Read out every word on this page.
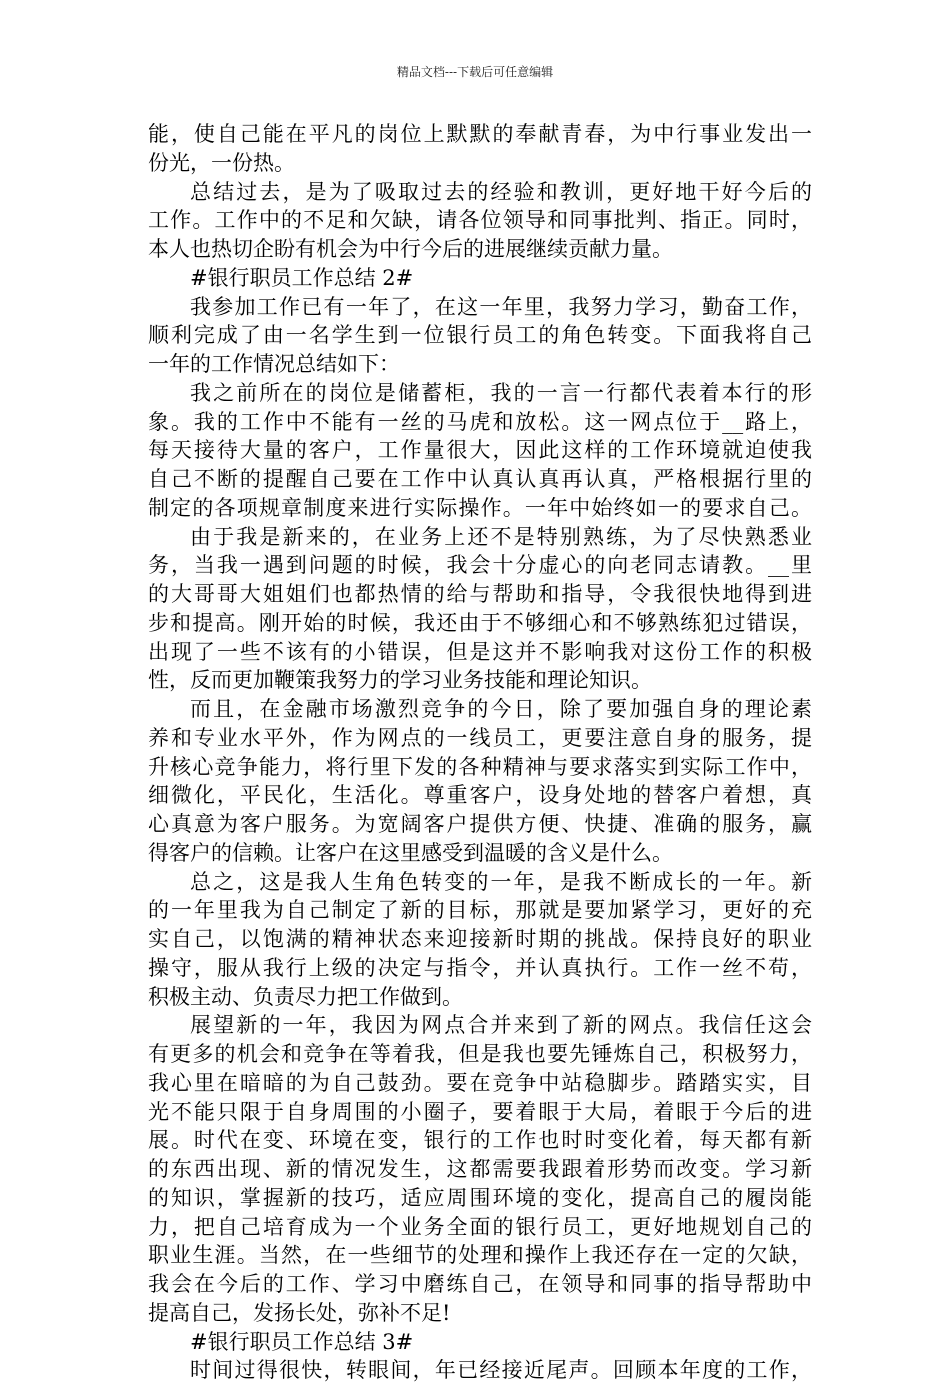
精品文档---下载后可任意编辑
能，使自己能在平凡的岗位上默默的奉献青春，为中行事业发出一
份光，一份热。
总结过去，是为了吸取过去的经验和教训，更好地干好今后的
工作。工作中的不足和欠缺，请各位领导和同事批判、指正。同时，
本人也热切企盼有机会为中行今后的进展继续贡献力量。
#银行职员工作总结 2#
我参加工作已有一年了，在这一年里，我努力学习，勤奋工作，
顺利完成了由一名学生到一位银行员工的角色转变。下面我将自己
一年的工作情况总结如下：
我之前所在的岗位是储蓄柜，我的一言一行都代表着本行的形
象。我的工作中不能有一丝的马虎和放松。这一网点位于__路上，
每天接待大量的客户，工作量很大，因此这样的工作环境就迫使我
自己不断的提醒自己要在工作中认真认真再认真，严格根据行里的
制定的各项规章制度来进行实际操作。一年中始终如一的要求自己。
由于我是新来的，在业务上还不是特别熟练，为了尽快熟悉业
务，当我一遇到问题的时候，我会十分虚心的向老同志请教。__里
的大哥哥大姐姐们也都热情的给与帮助和指导，令我很快地得到进
步和提高。刚开始的时候，我还由于不够细心和不够熟练犯过错误，
出现了一些不该有的小错误，但是这并不影响我对这份工作的积极
性，反而更加鞭策我努力的学习业务技能和理论知识。
而且，在金融市场激烈竞争的今日，除了要加强自身的理论素
养和专业水平外，作为网点的一线员工，更要注意自身的服务，提
升核心竞争能力，将行里下发的各种精神与要求落实到实际工作中，
细微化，平民化，生活化。尊重客户，设身处地的替客户着想，真
心真意为客户服务。为宽阔客户提供方便、快捷、准确的服务，赢
得客户的信赖。让客户在这里感受到温暖的含义是什么。
总之，这是我人生角色转变的一年，是我不断成长的一年。新
的一年里我为自己制定了新的目标，那就是要加紧学习，更好的充
实自己，以饱满的精神状态来迎接新时期的挑战。保持良好的职业
操守，服从我行上级的决定与指令，并认真执行。工作一丝不苟，
积极主动、负责尽力把工作做到。
展望新的一年，我因为网点合并来到了新的网点。我信任这会
有更多的机会和竞争在等着我，但是我也要先锤炼自己，积极努力，
我心里在暗暗的为自己鼓劲。要在竞争中站稳脚步。踏踏实实，目
光不能只限于自身周围的小圈子，要着眼于大局，着眼于今后的进
展。时代在变、环境在变，银行的工作也时时变化着，每天都有新
的东西出现、新的情况发生，这都需要我跟着形势而改变。学习新
的知识，掌握新的技巧，适应周围环境的变化，提高自己的履岗能
力，把自己培育成为一个业务全面的银行员工，更好地规划自己的
职业生涯。当然，在一些细节的处理和操作上我还存在一定的欠缺，
我会在今后的工作、学习中磨练自己，在领导和同事的指导帮助中
提高自己，发扬长处，弥补不足!
#银行职员工作总结 3#
时间过得很快，转眼间，年已经接近尾声。回顾本年度的工作，
